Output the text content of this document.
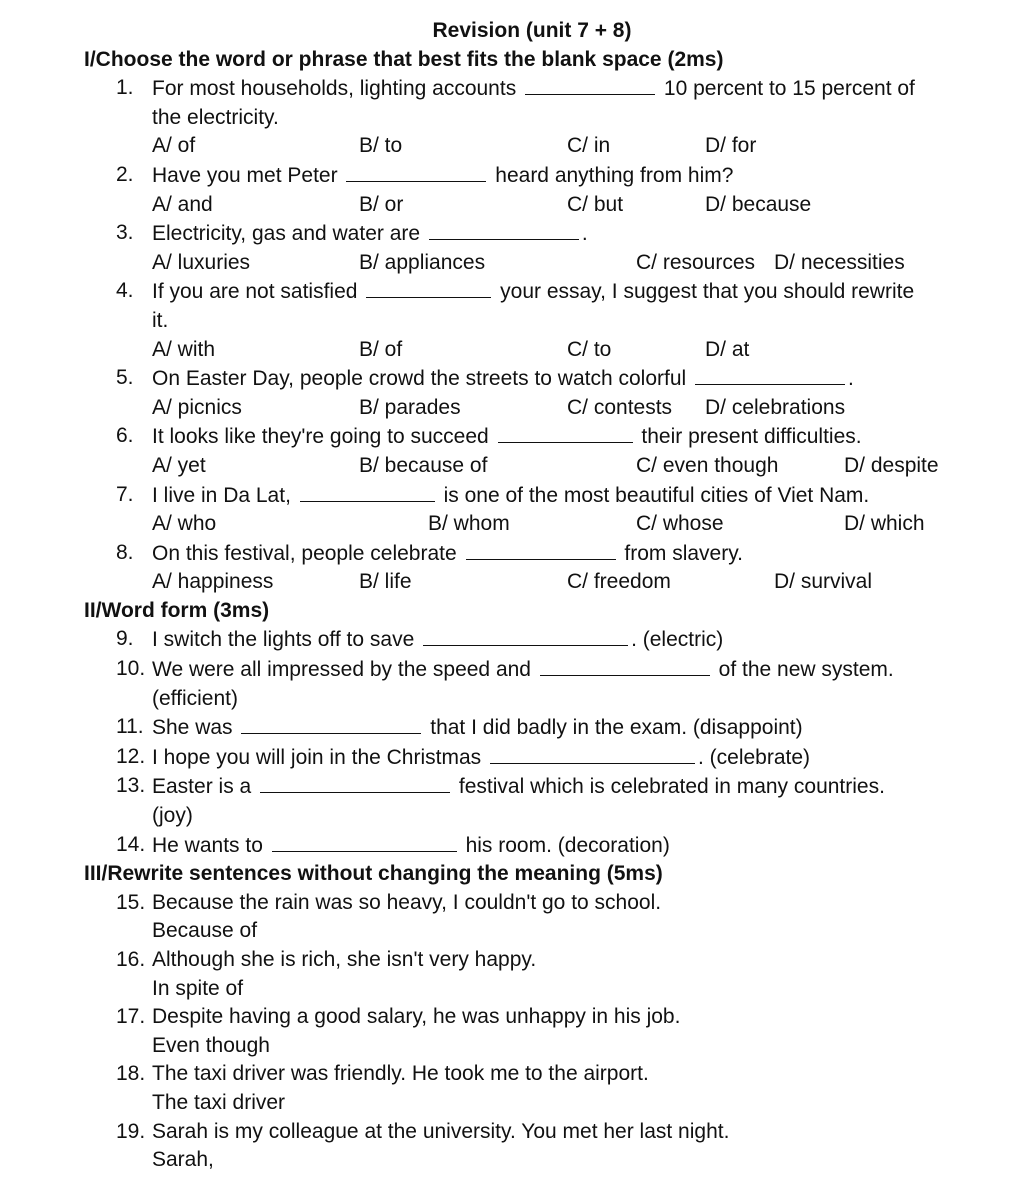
Revision (unit 7 + 8)
I/Choose the word or phrase that best fits the blank space (2ms)
1. For most households, lighting accounts	10 percent to 15 percent of
the electricity.
A/ of	B/ to	C/ in	D/ for
2. Have you met Peter	heard anything from him?
A/ and	B/ or	C/ but	D/ because
3. Electricity, gas and water are	.
A/ luxuries	B/ appliances	C/ resources D/ necessities
4. If you are not satisfied	your essay, I suggest that you should rewrite
it.
A/ with	B/ of	C/ to	D/ at
5. On Easter Day, people crowd the streets to watch colorful	.
A/ picnics	B/ parades	C/ contests D/ celebrations
6. It looks like they're going to succeed	their present difficulties.
A/ yet	B/ because of	C/ even though	D/ despite
7. I live in Da Lat,	is one of the most beautiful cities of Viet Nam.
A/ who	B/ whom	C/ whose	D/ which
8. On this festival, people celebrate	from slavery.
A/ happiness	B/ life	C/ freedom	D/ survival
II/Word form (3ms)
9. I switch the lights off to save	. (electric)
10. We were all impressed by the speed and	of the new system.
(efficient)
11. She was	that I did badly in the exam. (disappoint)
12. I hope you will join in the Christmas	. (celebrate)
13. Easter is a	festival which is celebrated in many countries.
(joy)
14. He wants to	his room. (decoration)
III/Rewrite sentences without changing the meaning (5ms)
15. Because the rain was so heavy, I couldn't go to school.
Because of
16. Although she is rich, she isn't very happy.
In spite of
17. Despite having a good salary, he was unhappy in his job.
Even though
18. The taxi driver was friendly. He took me to the airport.
The taxi driver
19. Sarah is my colleague at the university. You met her last night.
Sarah,
